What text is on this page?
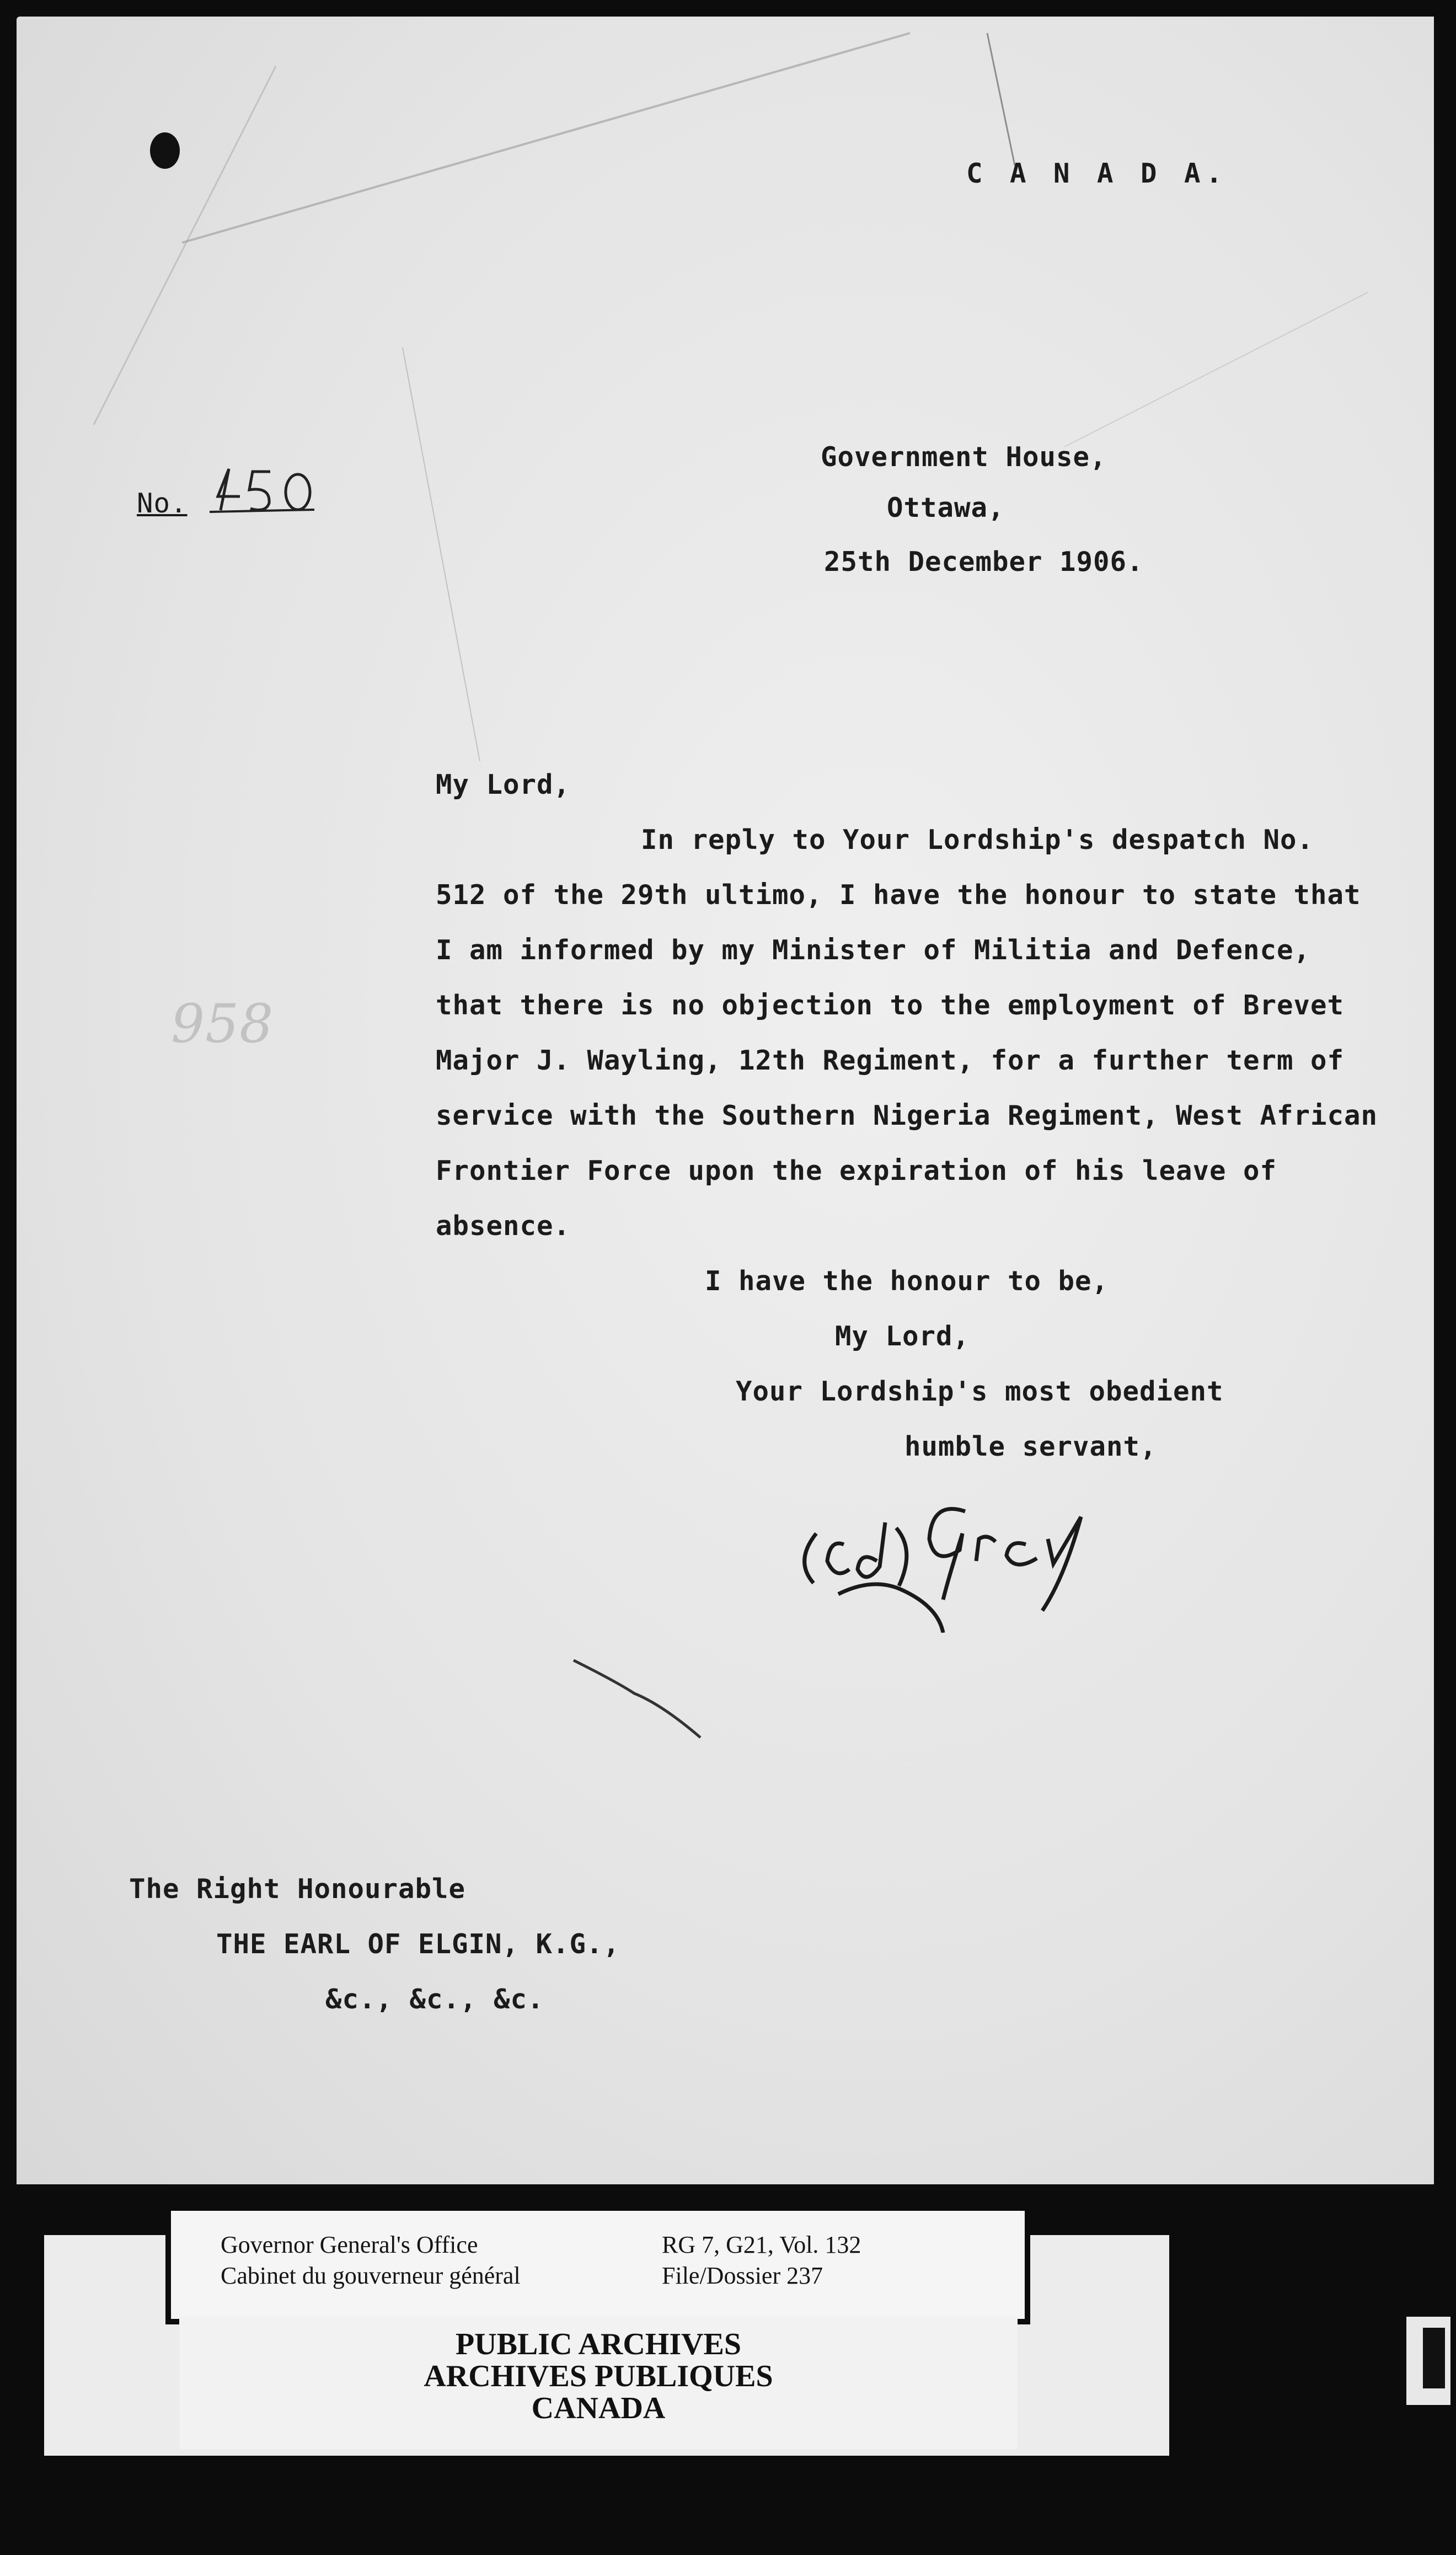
C A N A D A.
No.
Government House,
Ottawa,
25th December 1906.
My Lord,
In reply to Your Lordship's despatch No.
512 of the 29th ultimo, I have the honour to state that
I am informed by my Minister of Militia and Defence,
that there is no objection to the employment of Brevet
Major J. Wayling, 12th Regiment, for a further term of
service with the Southern Nigeria Regiment, West African
Frontier Force upon the expiration of his leave of
absence.
958
I have the honour to be,
My Lord,
Your Lordship's most obedient
humble servant,
The Right Honourable
THE EARL OF ELGIN, K.G.,
&c., &c., &c.
Governor General's Office
Cabinet du gouverneur général
RG 7, G21, Vol. 132
File/Dossier 237
PUBLIC ARCHIVES
ARCHIVES PUBLIQUES
CANADA
